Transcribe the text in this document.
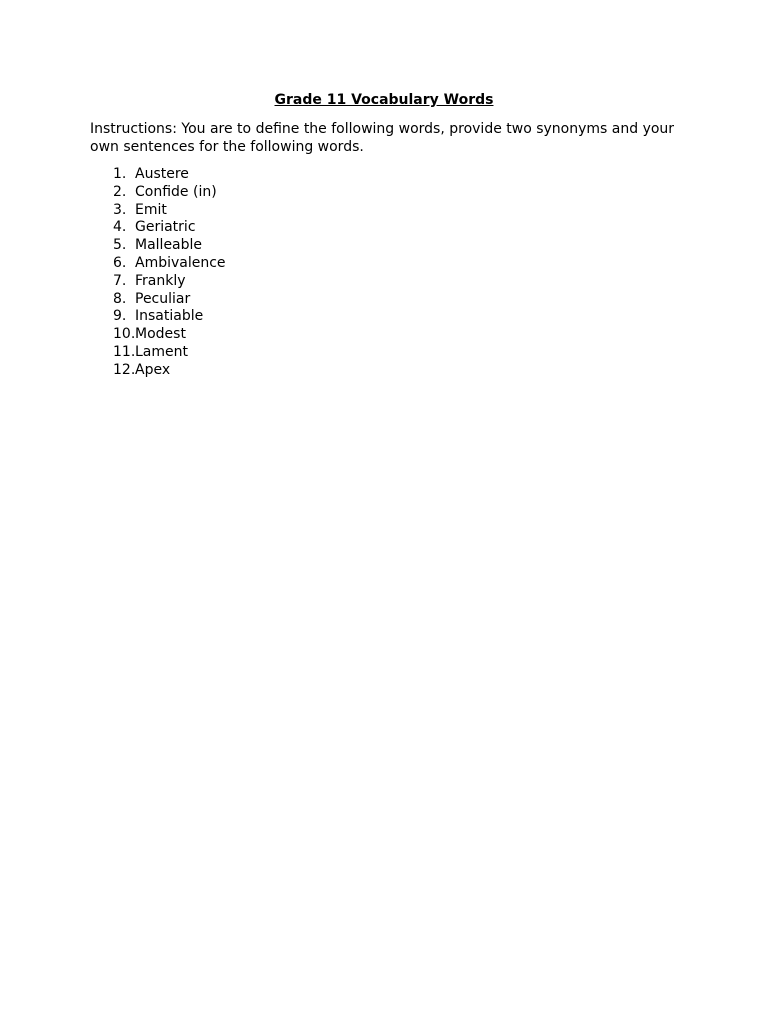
Grade 11 Vocabulary Words
Instructions: You are to define the following words, provide two synonyms and your own sentences for the following words.
1. Austere
2. Confide (in)
3. Emit
4. Geriatric
5. Malleable
6. Ambivalence
7. Frankly
8. Peculiar
9. Insatiable
10.Modest
11.Lament
12.Apex
